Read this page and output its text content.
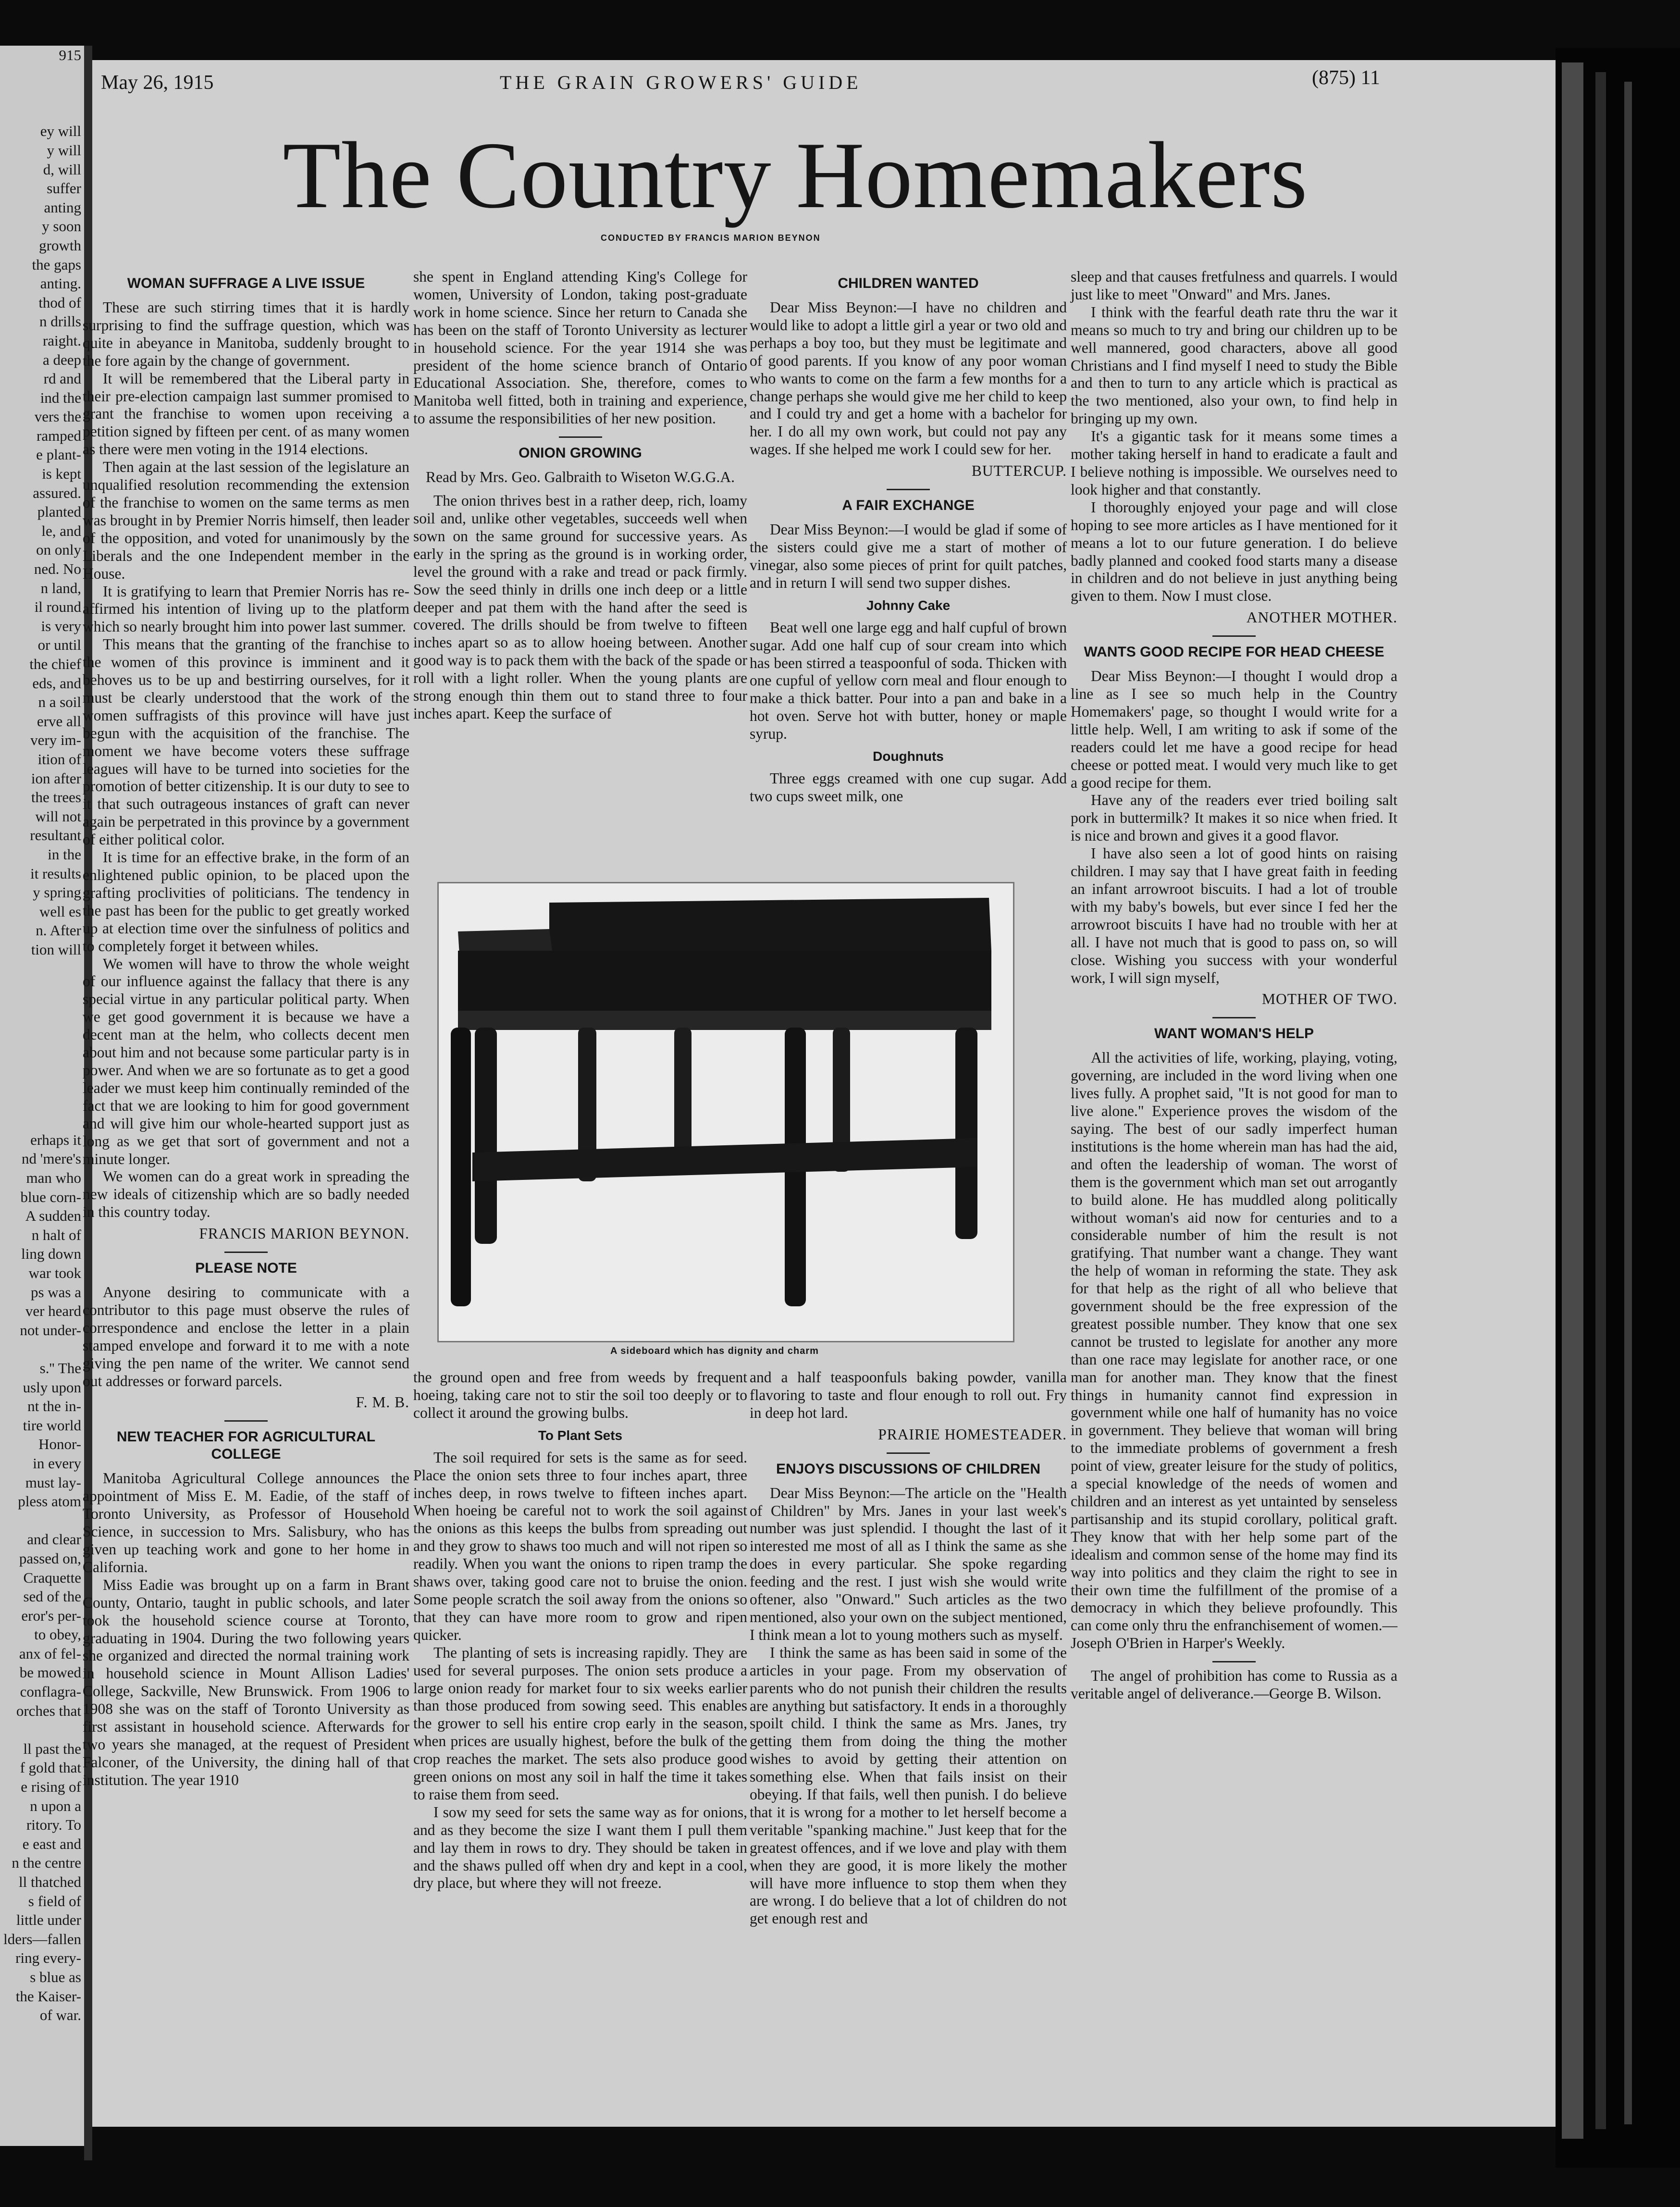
915
ey will
y will
d, will
suffer
anting
y soon
growth
the gaps
anting.
thod of
n drills
raight.
a deep
rd and
ind the
vers the
ramped
e plant-
is kept
assured.
planted
le, and
on only
ned. No
n land,
il round
is very
or until
the chief
eds, and
n a soil
erve all
very im-
ition of
ion after
the trees
will not
resultant
in the
it results
y spring
well es
n. After
tion will
erhaps it
nd 'mere's
man who
blue corn-
A sudden
n halt of
ling down
war took
ps was a
ver heard
not under-
s.'' The
usly upon
nt the in-
tire world
Honor-
in every
must lay-
pless atom
and clear
passed on,
Craquette
sed of the
eror's per-
to obey,
anx of fel-
be mowed
conflagra-
orches that
ll past the
f gold that
e rising of
n upon a
ritory. To
e east and
n the centre
ll thatched
s field of
little under
lders—fallen
ring every-
s blue as
the Kaiser-
of war.
May 26, 1915	THE GRAIN GROWERS' GUIDE	(875) 11
The Country Homemakers
CONDUCTED BY FRANCIS MARION BEYNON
WOMAN SUFFRAGE A LIVE ISSUE

These are such stirring times that it is hardly surprising to find the suffrage question, which was quite in abeyance in Manitoba, suddenly brought to the fore again by the change of government.

It will be remembered that the Liberal party in their pre-election campaign last summer promised to grant the franchise to women upon receiving a petition signed by fifteen per cent. of as many women as there were men voting in the 1914 elections.

Then again at the last session of the legislature an unqualified resolution recommending the extension of the franchise to women on the same terms as men was brought in by Premier Norris himself, then leader of the opposition, and voted for unanimously by the Liberals and the one Independent member in the House.

It is gratifying to learn that Premier Norris has re-affirmed his intention of living up to the platform which so nearly brought him into power last summer.

This means that the granting of the franchise to the women of this province is imminent and it behoves us to be up and bestirring ourselves, for it must be clearly understood that the work of the women suffragists of this province will have just begun with the acquisition of the franchise. The moment we have become voters these suffrage leagues will have to be turned into societies for the promotion of better citizenship. It is our duty to see to it that such outrageous instances of graft can never again be perpetrated in this province by a government of either political color.

It is time for an effective brake, in the form of an enlightened public opinion, to be placed upon the grafting proclivities of politicians. The tendency in the past has been for the public to get greatly worked up at election time over the sinfulness of politics and to completely forget it between whiles.

We women will have to throw the whole weight of our influence against the fallacy that there is any special virtue in any particular political party. When we get good government it is because we have a decent man at the helm, who collects decent men about him and not because some particular party is in power. And when we are so fortunate as to get a good leader we must keep him continually reminded of the fact that we are looking to him for good government and will give him our whole-hearted support just as long as we get that sort of government and not a minute longer.

We women can do a great work in spreading the new ideals of citizenship which are so badly needed in this country today.

FRANCIS MARION BEYNON.
PLEASE NOTE

Anyone desiring to communicate with a contributor to this page must observe the rules of correspondence and enclose the letter in a plain stamped envelope and forward it to me with a note giving the pen name of the writer. We cannot send out addresses or forward parcels.

F. M. B.
NEW TEACHER FOR AGRICULTURAL COLLEGE

Manitoba Agricultural College announces the appointment of Miss E. M. Eadie, of the staff of Toronto University, as Professor of Household Science, in succession to Mrs. Salisbury, who has given up teaching work and gone to her home in California.

Miss Eadie was brought up on a farm in Brant County, Ontario, taught in public schools, and later took the household science course at Toronto, graduating in 1904. During the two following years she organized and directed the normal training work in household science in Mount Allison Ladies' College, Sackville, New Brunswick. From 1906 to 1908 she was on the staff of Toronto University as first assistant in household science. Afterwards for two years she managed, at the request of President Falconer, of the University, the dining hall of that institution. The year 1910

she spent in England attending King's College for women, University of London, taking post-graduate work in home science. Since her return to Canada she has been on the staff of Toronto University as lecturer in household science. For the year 1914 she was president of the home science branch of Ontario Educational Association. She, therefore, comes to Manitoba well fitted, both in training and experience, to assume the responsibilities of her new position.

ONION GROWING
Read by Mrs. Geo. Galbraith to Wiseton W.G.G.A.

The onion thrives best in a rather deep, rich, loamy soil and, unlike other vegetables, succeeds well when sown on the same ground for successive years. As early in the spring as the ground is in working order, level the ground with a rake and tread or pack firmly. Sow the seed thinly in drills one inch deep or a little deeper and pat them with the hand after the seed is covered. The drills should be from twelve to fifteen inches apart so as to allow hoeing between. Another good way is to pack them with the back of the spade or roll with a light roller. When the young plants are strong enough thin them out to stand three to four inches apart. Keep the surface of

CHILDREN WANTED

Dear Miss Beynon:—I have no children and would like to adopt a little girl a year or two old and perhaps a boy too, but they must be legitimate and of good parents. If you know of any poor woman who wants to come on the farm a few months for a change perhaps she would give me her child to keep and I could try and get a home with a bachelor for her. I do all my own work, but could not pay any wages. If she helped me work I could sew for her.

BUTTERCUP.
A FAIR EXCHANGE

Dear Miss Beynon:—I would be glad if some of the sisters could give me a start of mother of vinegar, also some pieces of print for quilt patches, and in return I will send two supper dishes.

Johnny Cake

Beat well one large egg and half cupful of brown sugar. Add one half cup of sour cream into which has been stirred a teaspoonful of soda. Thicken with one cupful of yellow corn meal and flour enough to make a thick batter. Pour into a pan and bake in a hot oven. Serve hot with butter, honey or maple syrup.

Doughnuts

Three eggs creamed with one cup sugar. Add two cups sweet milk, one

sleep and that causes fretfulness and quarrels. I would just like to meet "Onward" and Mrs. Janes.

I think with the fearful death rate thru the war it means so much to try and bring our children up to be well mannered, good characters, above all good Christians and I find myself I need to study the Bible and then to turn to any article which is practical as the two mentioned, also your own, to find help in bringing up my own.

It's a gigantic task for it means some times a mother taking herself in hand to eradicate a fault and I believe nothing is impossible. We ourselves need to look higher and that constantly.

I thoroughly enjoyed your page and will close hoping to see more articles as I have mentioned for it means a lot to our future generation. I do believe badly planned and cooked food starts many a disease in children and do not believe in just anything being given to them. Now I must close.

ANOTHER MOTHER.
WANTS GOOD RECIPE FOR HEAD CHEESE

Dear Miss Beynon:—I thought I would drop a line as I see so much help in the Country Homemakers' page, so thought I would write for a little help. Well, I am writing to ask if some of the readers could let me have a good recipe for head cheese or potted meat. I would very much like to get a good recipe for them.

Have any of the readers ever tried boiling salt pork in buttermilk? It makes it so nice when fried. It is nice and brown and gives it a good flavor.

I have also seen a lot of good hints on raising children. I may say that I have great faith in feeding an infant arrowroot biscuits. I had a lot of trouble with my baby's bowels, but ever since I fed her the arrowroot biscuits I have had no trouble with her at all. I have not much that is good to pass on, so will close. Wishing you success with your wonderful work, I will sign myself,

MOTHER OF TWO.
WANT WOMAN'S HELP

All the activities of life, working, playing, voting, governing, are included in the word living when one lives fully. A prophet said, "It is not good for man to live alone." Experience proves the wisdom of the saying. The best of our sadly imperfect human institutions is the home wherein man has had the aid, and often the leadership of woman. The worst of them is the government which man set out arrogantly to build alone. He has muddled along politically without woman's aid now for centuries and to a considerable number of him the result is not gratifying. That number want a change. They want the help of woman in reforming the state. They ask for that help as the right of all who believe that government should be the free expression of the greatest possible number. They know that one sex cannot be trusted to legislate for another any more than one race may legislate for another race, or one man for another man. They know that the finest things in humanity cannot find expression in government while one half of humanity has no voice in government. They believe that woman will bring to the immediate problems of government a fresh point of view, greater leisure for the study of politics, a special knowledge of the needs of women and children and an interest as yet untainted by senseless partisanship and its stupid corollary, political graft. They know that with her help some part of the idealism and common sense of the home may find its way into politics and they claim the right to see in their own time the fulfillment of the promise of a democracy in which they believe profoundly. This can come only thru the enfranchisement of women.—Joseph O'Brien in Harper's Weekly.

The angel of prohibition has come to Russia as a veritable angel of deliverance.—George B. Wilson.

A sideboard which has dignity and charm

the ground open and free from weeds by frequent hoeing, taking care not to stir the soil too deeply or to collect it around the growing bulbs.

To Plant Sets

The soil required for sets is the same as for seed. Place the onion sets three to four inches apart, three inches deep, in rows twelve to fifteen inches apart. When hoeing be careful not to work the soil against the onions as this keeps the bulbs from spreading out and they grow to shaws too much and will not ripen so readily. When you want the onions to ripen tramp the shaws over, taking good care not to bruise the onion. Some people scratch the soil away from the onions so that they can have more room to grow and ripen quicker.

The planting of sets is increasing rapidly. They are used for several purposes. The onion sets produce a large onion ready for market four to six weeks earlier than those produced from sowing seed. This enables the grower to sell his entire crop early in the season, when prices are usually highest, before the bulk of the crop reaches the market. The sets also produce good green onions on most any soil in half the time it takes to raise them from seed.

I sow my seed for sets the same way as for onions, and as they become the size I want them I pull them and lay them in rows to dry. They should be taken in and the shaws pulled off when dry and kept in a cool, dry place, but where they will not freeze.

and a half teaspoonfuls baking powder, vanilla flavoring to taste and flour enough to roll out. Fry in deep hot lard.

PRAIRIE HOMESTEADER.
ENJOYS DISCUSSIONS OF CHILDREN

Dear Miss Beynon:—The article on the "Health of Children" by Mrs. Janes in your last week's number was just splendid. I thought the last of it interested me most of all as I think the same as she does in every particular. She spoke regarding feeding and the rest. I just wish she would write oftener, also "Onward." Such articles as the two mentioned, also your own on the subject mentioned, I think mean a lot to young mothers such as myself.

I think the same as has been said in some of the articles in your page. From my observation of parents who do not punish their children the results are anything but satisfactory. It ends in a thoroughly spoilt child. I think the same as Mrs. Janes, try getting them from doing the thing the mother wishes to avoid by getting their attention on something else. When that fails insist on their obeying. If that fails, well then punish. I do believe that it is wrong for a mother to let herself become a veritable "spanking machine." Just keep that for the greatest offences, and if we love and play with them when they are good, it is more likely the mother will have more influence to stop them when they are wrong. I do believe that a lot of children do not get enough rest and
